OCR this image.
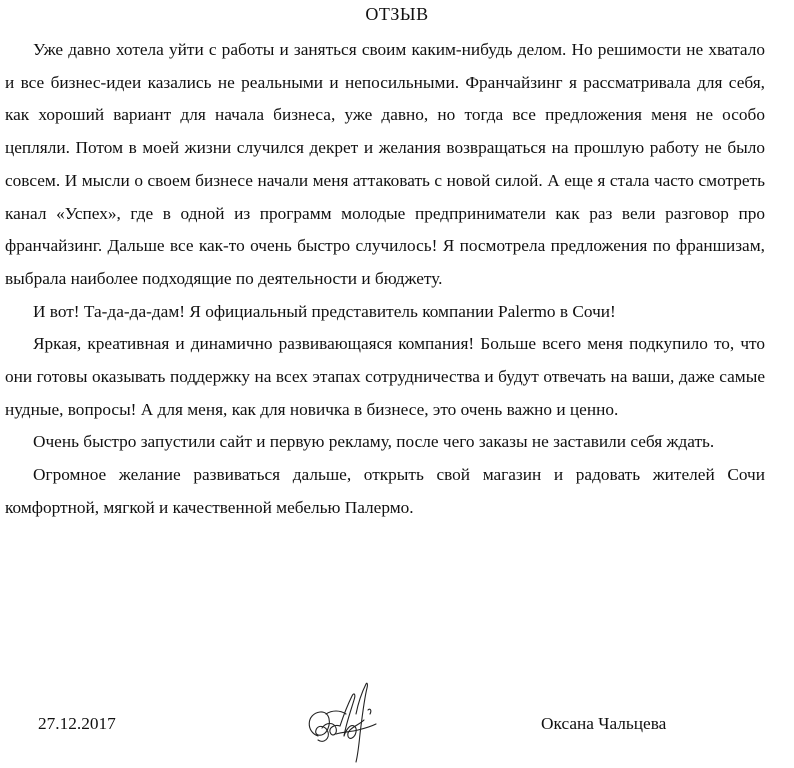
ОТЗЫВ

Уже давно хотела уйти с работы и заняться своим каким-нибудь делом. Но решимости не хватало и все бизнес-идеи казались не реальными и непосильными. Франчайзинг я рассматривала для себя, как хороший вариант для начала бизнеса, уже давно, но тогда все предложения меня не особо цепляли. Потом в моей жизни случился декрет и желания возвращаться на прошлую работу не было совсем. И мысли о своем бизнесе начали меня аттаковать с новой силой. А еще я стала часто смотреть канал «Успех», где в одной из программ молодые предприниматели как раз вели разговор про франчайзинг. Дальше все как-то очень быстро случилось! Я посмотрела предложения по франшизам, выбрала наиболее подходящие по деятельности и бюджету.

И вот! Та-да-да-дам! Я официальный представитель компании Palermo в Сочи!

Яркая, креативная и динамично развивающаяся компания! Больше всего меня подкупило то, что они готовы оказывать поддержку на всех этапах сотрудничества и будут отвечать на ваши, даже самые нудные, вопросы! А для меня, как для новичка в бизнесе, это очень важно и ценно.

Очень быстро запустили сайт и первую рекламу, после чего заказы не заставили себя ждать.

Огромное желание развиваться дальше, открыть свой магазин и радовать жителей Сочи комфортной, мягкой и качественной мебелью Палермо.

27.12.2017	Оксана Чальцева
